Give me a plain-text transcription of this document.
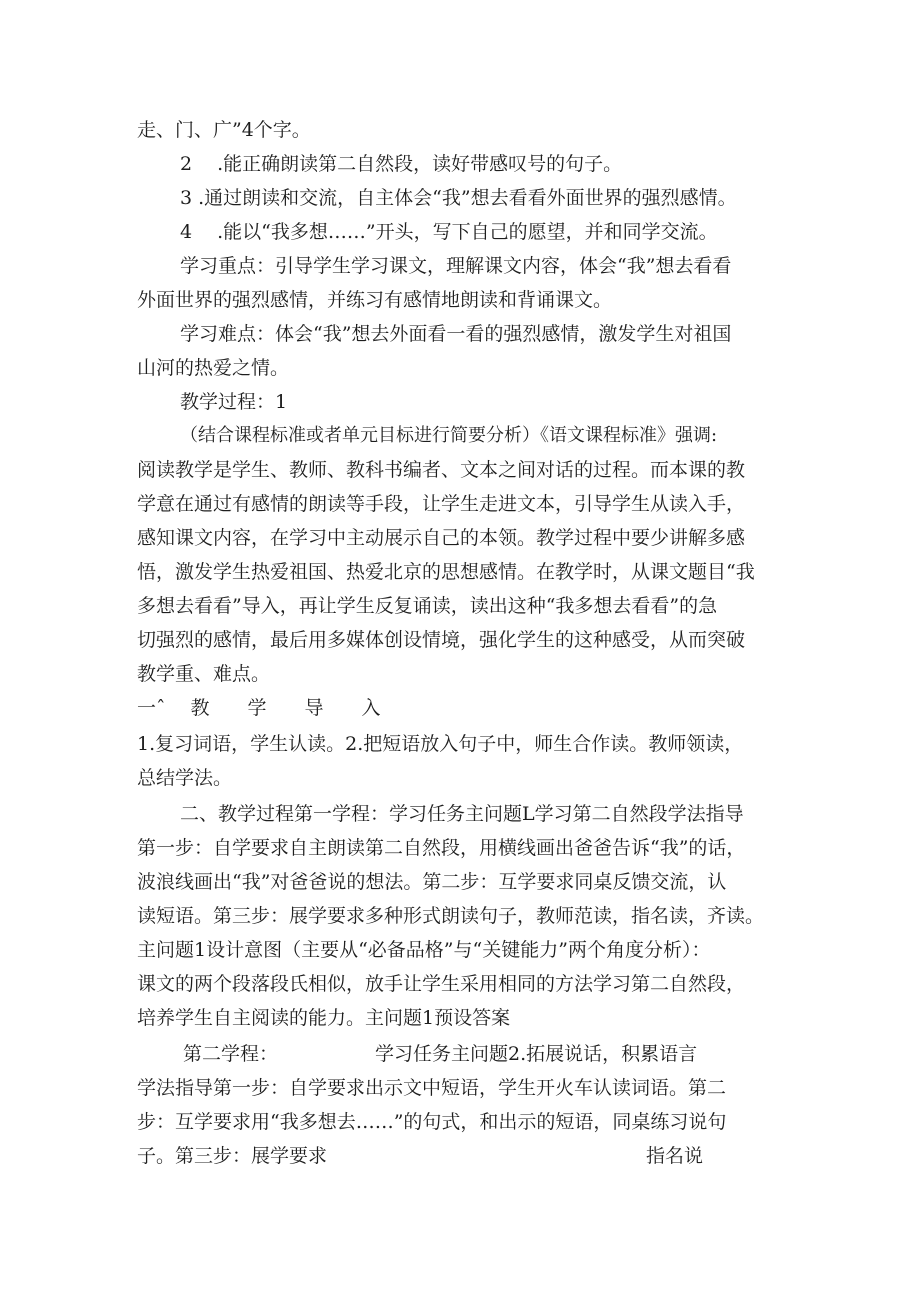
走、门、广”4个字。
2　 .能正确朗读第二自然段，读好带感叹号的句子。
3 .通过朗读和交流，自主体会“我”想去看看外面世界的强烈感情。
4　 .能以“我多想……”开头，写下自己的愿望，并和同学交流。
学习重点：引导学生学习课文，理解课文内容，体会“我”想去看看
外面世界的强烈感情，并练习有感情地朗读和背诵课文。
学习难点：体会“我”想去外面看一看的强烈感情，激发学生对祖国
山河的热爱之情。
教学过程：1
（结合课程标准或者单元目标进行简要分析）《语文课程标准》强调:
阅读教学是学生、教师、教科书编者、文本之间对话的过程。而本课的教
学意在通过有感情的朗读等手段，让学生走进文本，引导学生从读入手，
感知课文内容，在学习中主动展示自己的本领。教学过程中要少讲解多感
悟，激发学生热爱祖国、热爱北京的思想感情。在教学时，从课文题目“我
多想去看看”导入，再让学生反复诵读，读出这种“我多想去看看”的急
切强烈的感情，最后用多媒体创设情境，强化学生的这种感受，从而突破
教学重、难点。
一ˆ　 教　　学　　导　　入
1.复习词语，学生认读。2.把短语放入句子中，师生合作读。教师领读，
总结学法。
二、教学过程第一学程：学习任务主问题L学习第二自然段学法指导
第一步：自学要求自主朗读第二自然段，用横线画出爸爸告诉“我”的话，
波浪线画出“我”对爸爸说的想法。第二步：互学要求同桌反馈交流，认
读短语。第三步：展学要求多种形式朗读句子，教师范读，指名读，齐读。
主问题1设计意图（主要从“必备品格”与“关键能力”两个角度分析）：
课文的两个段落段氏相似，放手让学生采用相同的方法学习第二自然段，
培养学生自主阅读的能力。主问题1预设答案
第二学程：	学习任务主问题2.拓展说话，积累语言
学法指导第一步：自学要求出示文中短语，学生开火车认读词语。第二
步：互学要求用“我多想去……”的句式，和出示的短语，同桌练习说句
子。第三步：展学要求	指名说
